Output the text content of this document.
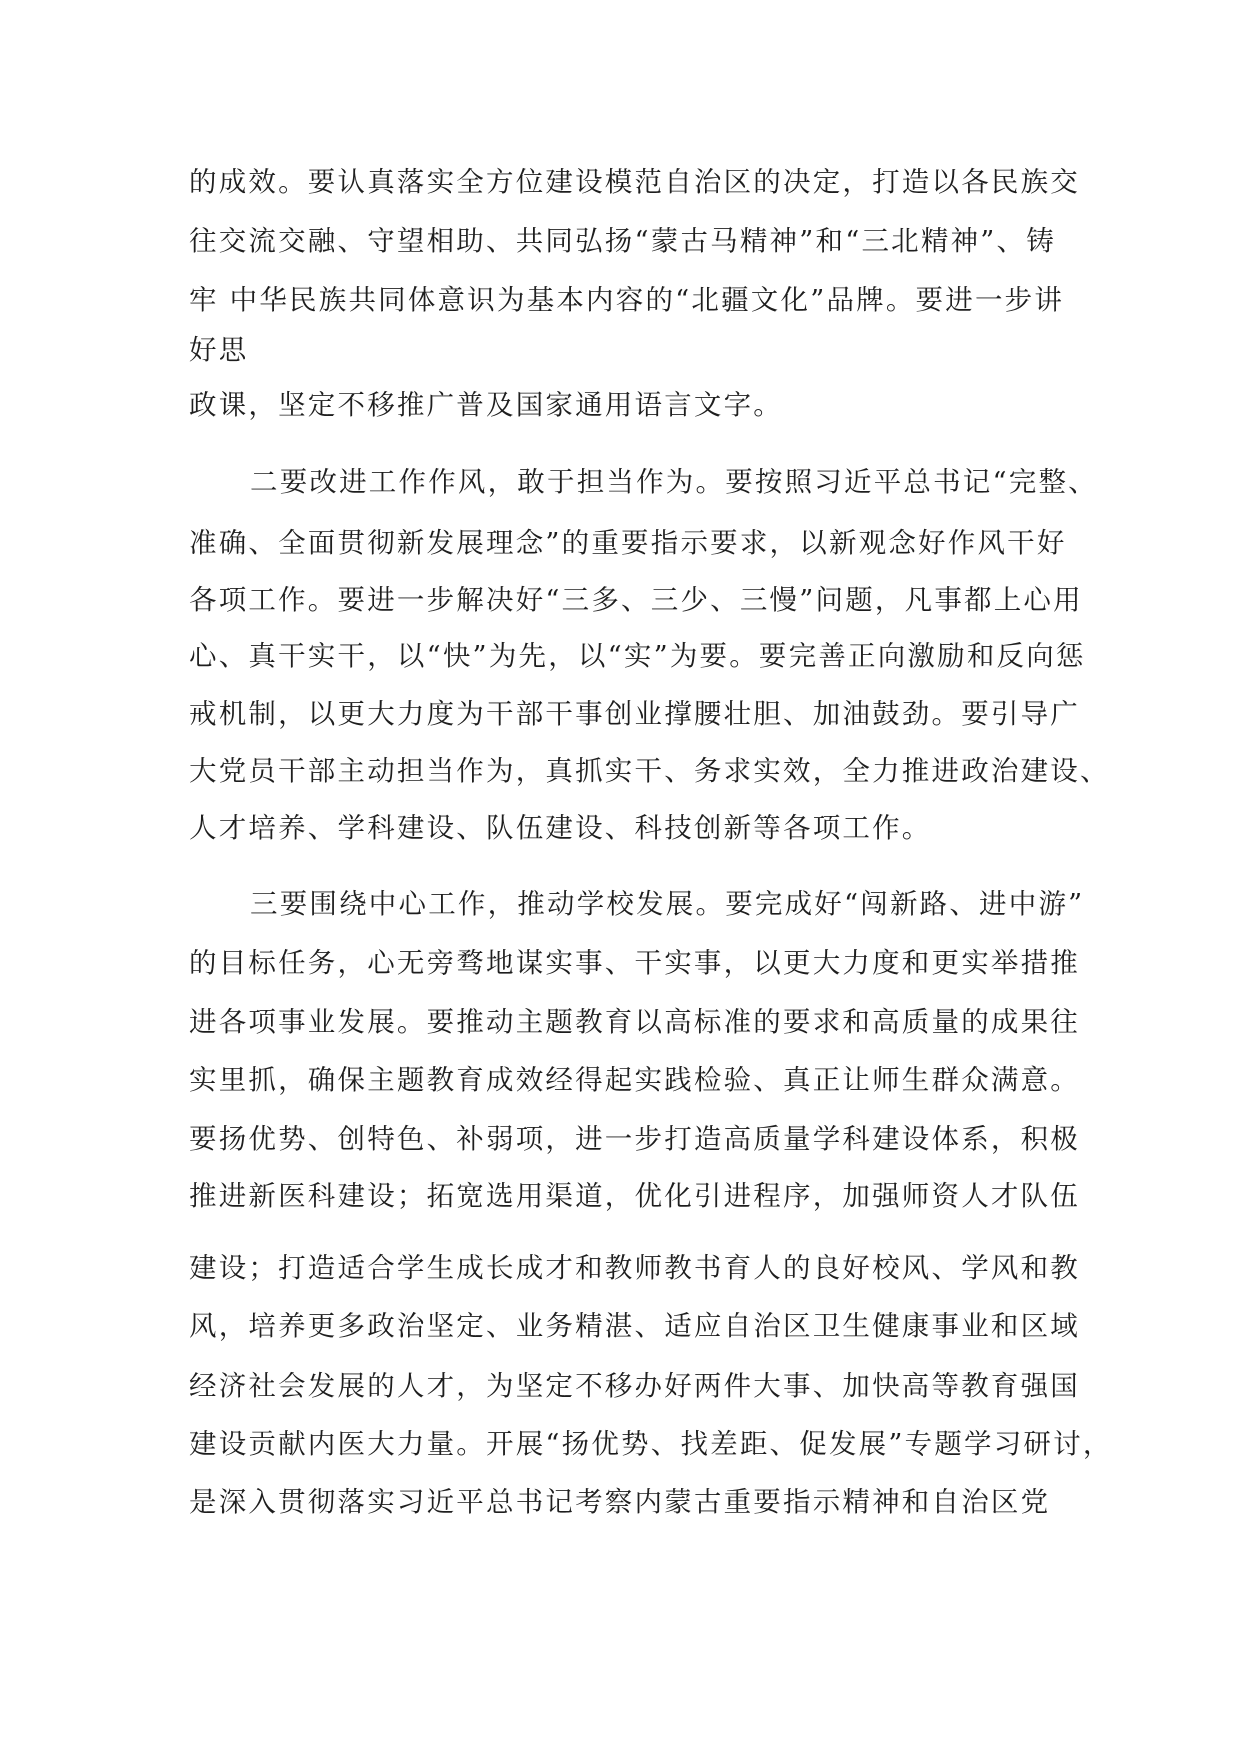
的成效。要认真落实全方位建设模范自治区的决定，打造以各民族交

往交流交融、守望相助、共同弘扬“蒙古马精神”和“三北精神”、铸

牢 中华民族共同体意识为基本内容的“北疆文化”品牌。要进一步讲

好思

政课，坚定不移推广普及国家通用语言文字。

二要改进工作作风，敢于担当作为。要按照习近平总书记“完整、

准确、全面贯彻新发展理念”的重要指示要求，以新观念好作风干好

各项工作。要进一步解决好“三多、三少、三慢”问题，凡事都上心用

心、真干实干，以“快”为先，以“实”为要。要完善正向激励和反向惩

戒机制，以更大力度为干部干事创业撑腰壮胆、加油鼓劲。要引导广

大党员干部主动担当作为，真抓实干、务求实效，全力推进政治建设、

人才培养、学科建设、队伍建设、科技创新等各项工作。

三要围绕中心工作，推动学校发展。要完成好“闯新路、进中游”

的目标任务，心无旁骛地谋实事、干实事，以更大力度和更实举措推

进各项事业发展。要推动主题教育以高标准的要求和高质量的成果往

实里抓，确保主题教育成效经得起实践检验、真正让师生群众满意。

要扬优势、创特色、补弱项，进一步打造高质量学科建设体系，积极

推进新医科建设；拓宽选用渠道，优化引进程序，加强师资人才队伍

建设；打造适合学生成长成才和教师教书育人的良好校风、学风和教

风，培养更多政治坚定、业务精湛、适应自治区卫生健康事业和区域

经济社会发展的人才，为坚定不移办好两件大事、加快高等教育强国

建设贡献内医大力量。开展“扬优势、找差距、促发展”专题学习研讨，

是深入贯彻落实习近平总书记考察内蒙古重要指示精神和自治区党
